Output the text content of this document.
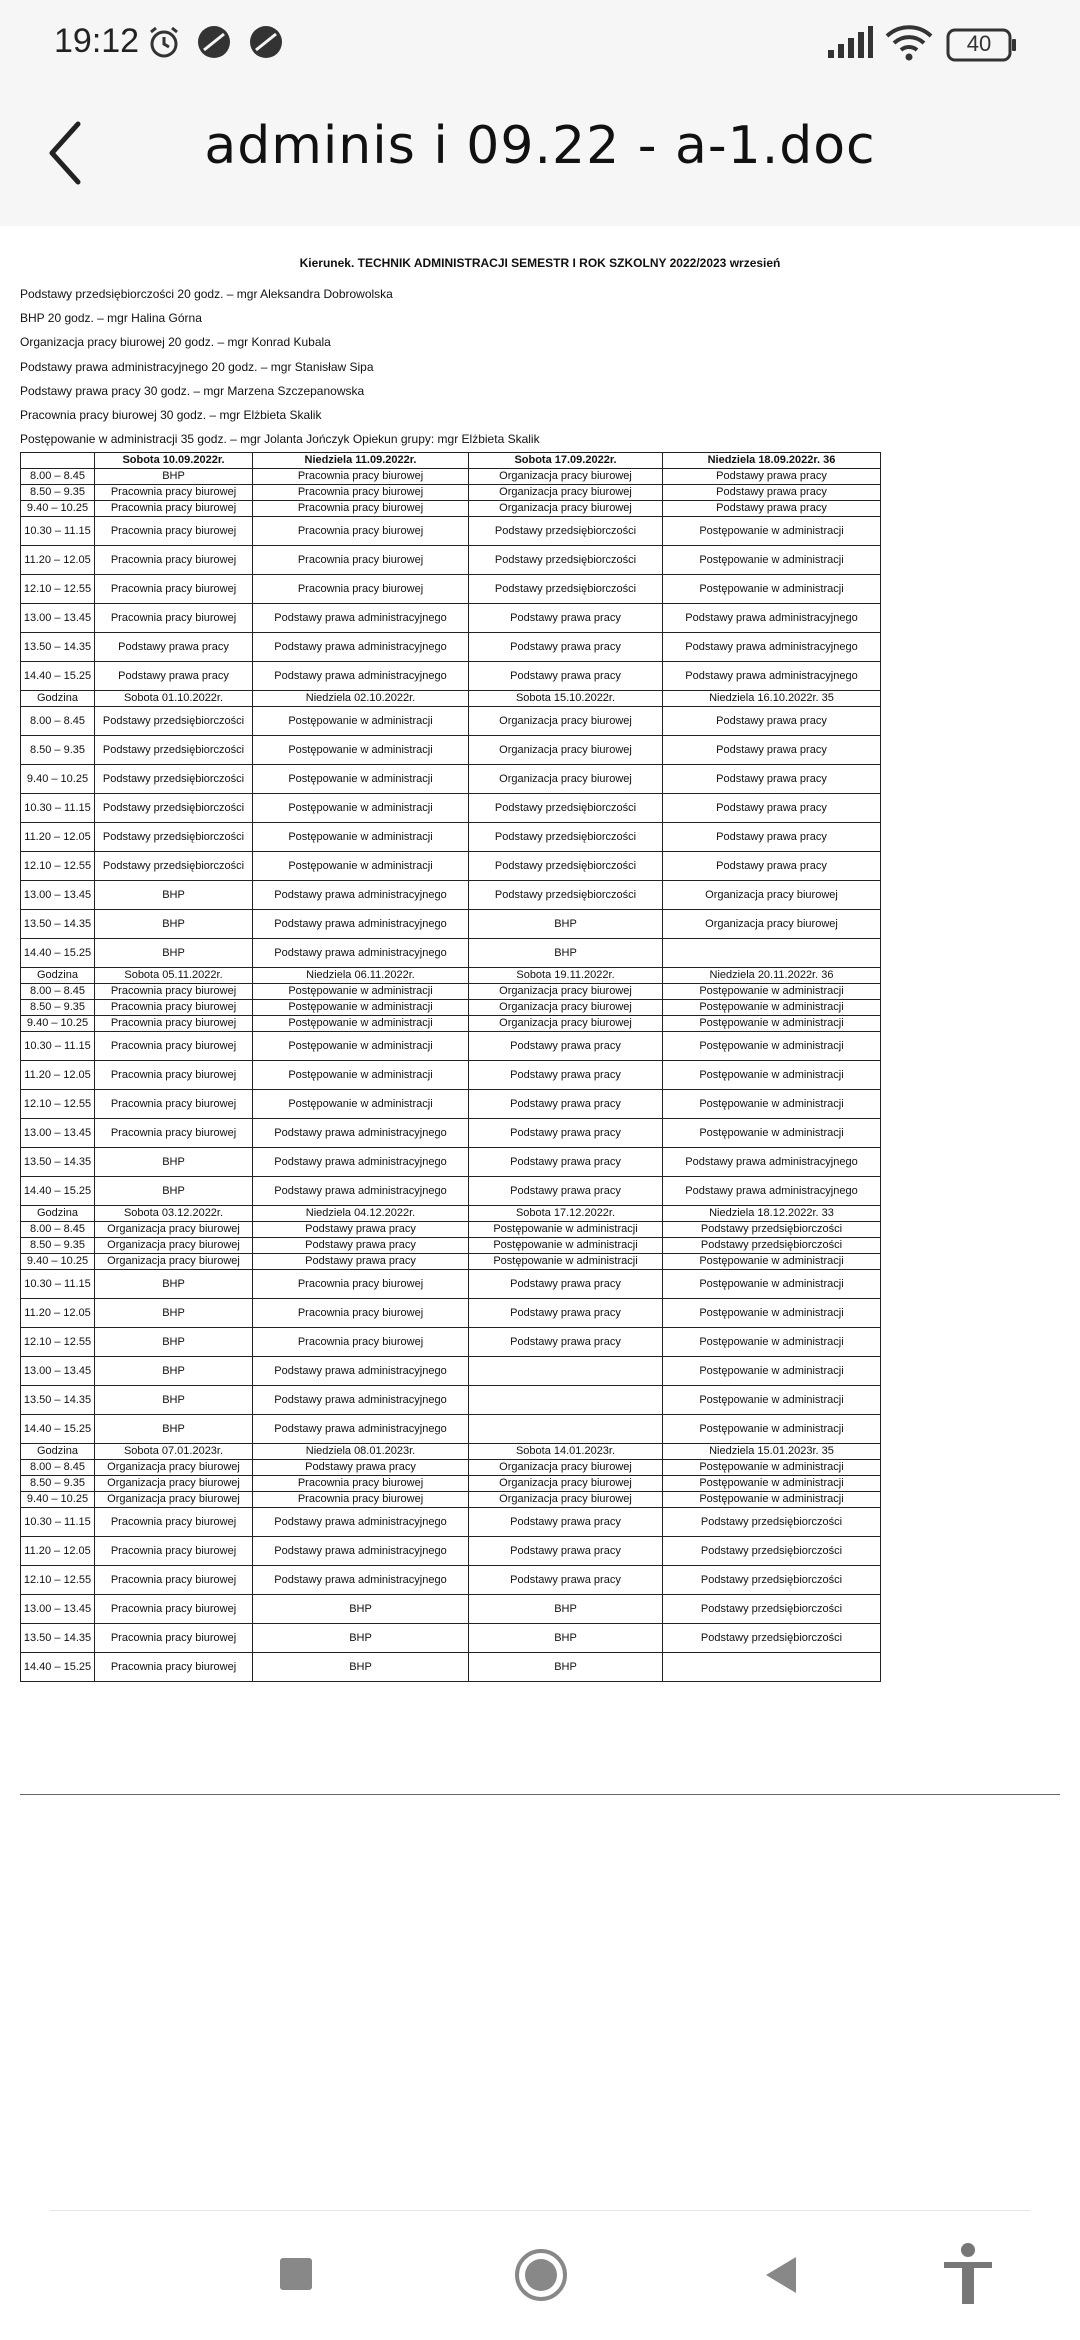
19:12	40
adminis i 09.22 - a-1.doc
Kierunek. TECHNIK ADMINISTRACJI SEMESTR I ROK SZKOLNY 2022/2023 wrzesień
Podstawy przedsiębiorczości 20 godz. – mgr Aleksandra Dobrowolska
BHP 20 godz. – mgr Halina Górna
Organizacja pracy biurowej 20 godz. – mgr Konrad Kubala
Podstawy prawa administracyjnego 20 godz. – mgr Stanisław Sipa
Podstawy prawa pracy 30 godz. – mgr Marzena Szczepanowska
Pracownia pracy biurowej 30 godz. – mgr Elżbieta Skalik
Postępowanie w administracji 35 godz. – mgr Jolanta Jończyk Opiekun grupy: mgr Elżbieta Skalik
	Sobota 10.09.2022r.	Niedziela 11.09.2022r.	Sobota 17.09.2022r.	Niedziela 18.09.2022r. 36
8.00 – 8.45	BHP	Pracownia pracy biurowej	Organizacja pracy biurowej	Podstawy prawa pracy
8.50 – 9.35	Pracownia pracy biurowej	Pracownia pracy biurowej	Organizacja pracy biurowej	Podstawy prawa pracy
9.40 – 10.25	Pracownia pracy biurowej	Pracownia pracy biurowej	Organizacja pracy biurowej	Podstawy prawa pracy
10.30 – 11.15	Pracownia pracy biurowej	Pracownia pracy biurowej	Podstawy przedsiębiorczości	Postępowanie w administracji
11.20 – 12.05	Pracownia pracy biurowej	Pracownia pracy biurowej	Podstawy przedsiębiorczości	Postępowanie w administracji
12.10 – 12.55	Pracownia pracy biurowej	Pracownia pracy biurowej	Podstawy przedsiębiorczości	Postępowanie w administracji
13.00 – 13.45	Pracownia pracy biurowej	Podstawy prawa administracyjnego	Podstawy prawa pracy	Podstawy prawa administracyjnego
13.50 – 14.35	Podstawy prawa pracy	Podstawy prawa administracyjnego	Podstawy prawa pracy	Podstawy prawa administracyjnego
14.40 – 15.25	Podstawy prawa pracy	Podstawy prawa administracyjnego	Podstawy prawa pracy	Podstawy prawa administracyjnego
Godzina	Sobota 01.10.2022r.	Niedziela 02.10.2022r.	Sobota 15.10.2022r.	Niedziela 16.10.2022r. 35
8.00 – 8.45	Podstawy przedsiębiorczości	Postępowanie w administracji	Organizacja pracy biurowej	Podstawy prawa pracy
8.50 – 9.35	Podstawy przedsiębiorczości	Postępowanie w administracji	Organizacja pracy biurowej	Podstawy prawa pracy
9.40 – 10.25	Podstawy przedsiębiorczości	Postępowanie w administracji	Organizacja pracy biurowej	Podstawy prawa pracy
10.30 – 11.15	Podstawy przedsiębiorczości	Postępowanie w administracji	Podstawy przedsiębiorczości	Podstawy prawa pracy
11.20 – 12.05	Podstawy przedsiębiorczości	Postępowanie w administracji	Podstawy przedsiębiorczości	Podstawy prawa pracy
12.10 – 12.55	Podstawy przedsiębiorczości	Postępowanie w administracji	Podstawy przedsiębiorczości	Podstawy prawa pracy
13.00 – 13.45	BHP	Podstawy prawa administracyjnego	Podstawy przedsiębiorczości	Organizacja pracy biurowej
13.50 – 14.35	BHP	Podstawy prawa administracyjnego	BHP	Organizacja pracy biurowej
14.40 – 15.25	BHP	Podstawy prawa administracyjnego	BHP	
Godzina	Sobota 05.11.2022r.	Niedziela 06.11.2022r.	Sobota 19.11.2022r.	Niedziela 20.11.2022r. 36
8.00 – 8.45	Pracownia pracy biurowej	Postępowanie w administracji	Organizacja pracy biurowej	Postępowanie w administracji
8.50 – 9.35	Pracownia pracy biurowej	Postępowanie w administracji	Organizacja pracy biurowej	Postępowanie w administracji
9.40 – 10.25	Pracownia pracy biurowej	Postępowanie w administracji	Organizacja pracy biurowej	Postępowanie w administracji
10.30 – 11.15	Pracownia pracy biurowej	Postępowanie w administracji	Podstawy prawa pracy	Postępowanie w administracji
11.20 – 12.05	Pracownia pracy biurowej	Postępowanie w administracji	Podstawy prawa pracy	Postępowanie w administracji
12.10 – 12.55	Pracownia pracy biurowej	Postępowanie w administracji	Podstawy prawa pracy	Postępowanie w administracji
13.00 – 13.45	Pracownia pracy biurowej	Podstawy prawa administracyjnego	Podstawy prawa pracy	Postępowanie w administracji
13.50 – 14.35	BHP	Podstawy prawa administracyjnego	Podstawy prawa pracy	Podstawy prawa administracyjnego
14.40 – 15.25	BHP	Podstawy prawa administracyjnego	Podstawy prawa pracy	Podstawy prawa administracyjnego
Godzina	Sobota 03.12.2022r.	Niedziela 04.12.2022r.	Sobota 17.12.2022r.	Niedziela 18.12.2022r. 33
8.00 – 8.45	Organizacja pracy biurowej	Podstawy prawa pracy	Postępowanie w administracji	Podstawy przedsiębiorczości
8.50 – 9.35	Organizacja pracy biurowej	Podstawy prawa pracy	Postępowanie w administracji	Podstawy przedsiębiorczości
9.40 – 10.25	Organizacja pracy biurowej	Podstawy prawa pracy	Postępowanie w administracji	Postępowanie w administracji
10.30 – 11.15	BHP	Pracownia pracy biurowej	Podstawy prawa pracy	Postępowanie w administracji
11.20 – 12.05	BHP	Pracownia pracy biurowej	Podstawy prawa pracy	Postępowanie w administracji
12.10 – 12.55	BHP	Pracownia pracy biurowej	Podstawy prawa pracy	Postępowanie w administracji
13.00 – 13.45	BHP	Podstawy prawa administracyjnego		Postępowanie w administracji
13.50 – 14.35	BHP	Podstawy prawa administracyjnego		Postępowanie w administracji
14.40 – 15.25	BHP	Podstawy prawa administracyjnego		Postępowanie w administracji
Godzina	Sobota 07.01.2023r.	Niedziela 08.01.2023r.	Sobota 14.01.2023r.	Niedziela 15.01.2023r. 35
8.00 – 8.45	Organizacja pracy biurowej	Podstawy prawa pracy	Organizacja pracy biurowej	Postępowanie w administracji
8.50 – 9.35	Organizacja pracy biurowej	Pracownia pracy biurowej	Organizacja pracy biurowej	Postępowanie w administracji
9.40 – 10.25	Organizacja pracy biurowej	Pracownia pracy biurowej	Organizacja pracy biurowej	Postępowanie w administracji
10.30 – 11.15	Pracownia pracy biurowej	Podstawy prawa administracyjnego	Podstawy prawa pracy	Podstawy przedsiębiorczości
11.20 – 12.05	Pracownia pracy biurowej	Podstawy prawa administracyjnego	Podstawy prawa pracy	Podstawy przedsiębiorczości
12.10 – 12.55	Pracownia pracy biurowej	Podstawy prawa administracyjnego	Podstawy prawa pracy	Podstawy przedsiębiorczości
13.00 – 13.45	Pracownia pracy biurowej	BHP	BHP	Podstawy przedsiębiorczości
13.50 – 14.35	Pracownia pracy biurowej	BHP	BHP	Podstawy przedsiębiorczości
14.40 – 15.25	Pracownia pracy biurowej	BHP	BHP	
